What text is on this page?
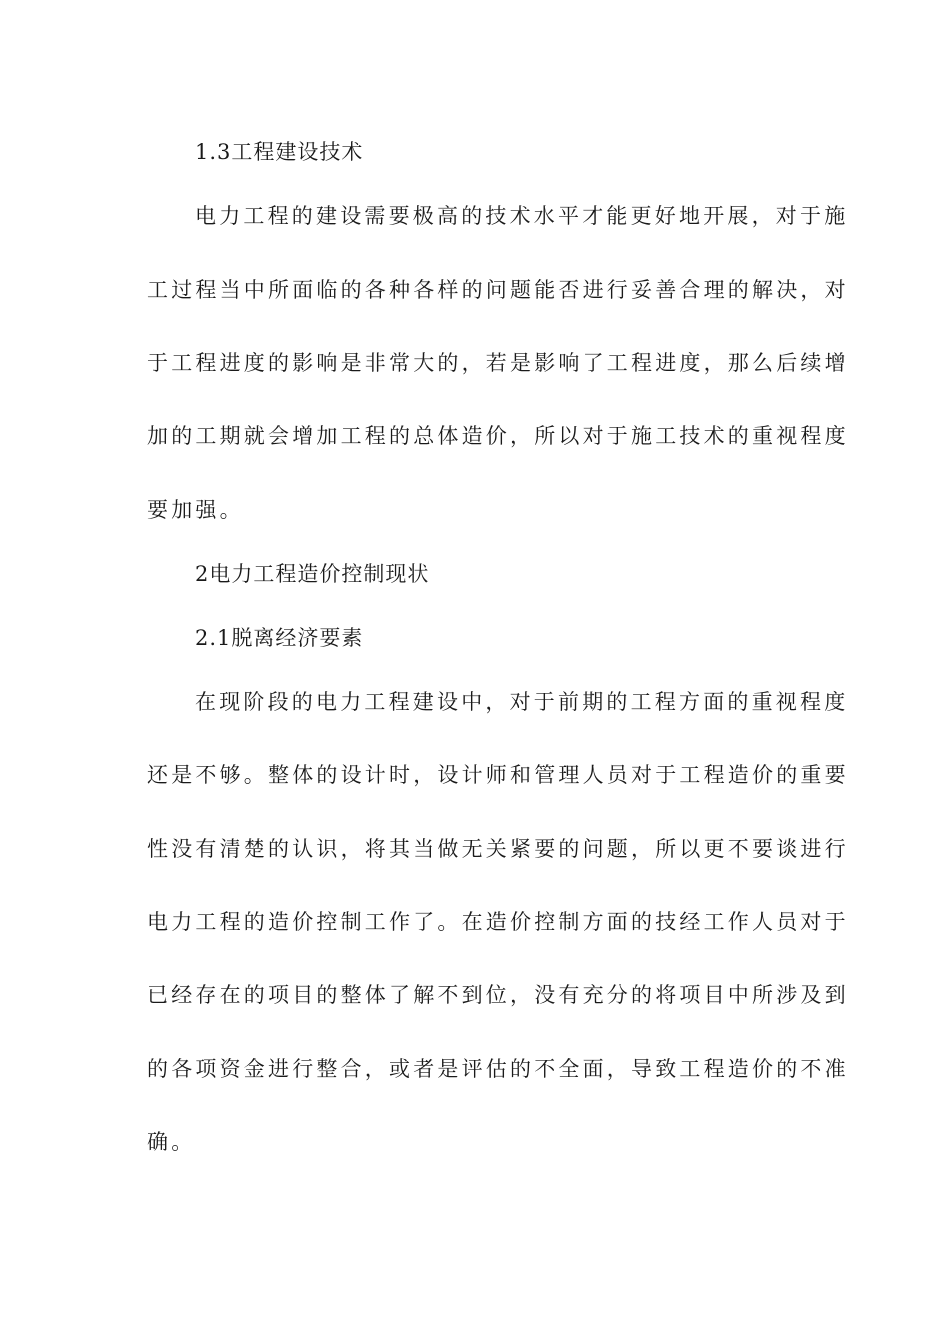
1.3工程建设技术
电力工程的建设需要极高的技术水平才能更好地开展，对于施
工过程当中所面临的各种各样的问题能否进行妥善合理的解决，对
于工程进度的影响是非常大的，若是影响了工程进度，那么后续增
加的工期就会增加工程的总体造价，所以对于施工技术的重视程度
要加强。
2电力工程造价控制现状
2.1脱离经济要素
在现阶段的电力工程建设中，对于前期的工程方面的重视程度
还是不够。整体的设计时，设计师和管理人员对于工程造价的重要
性没有清楚的认识，将其当做无关紧要的问题，所以更不要谈进行
电力工程的造价控制工作了。在造价控制方面的技经工作人员对于
已经存在的项目的整体了解不到位，没有充分的将项目中所涉及到
的各项资金进行整合，或者是评估的不全面，导致工程造价的不准
确。
